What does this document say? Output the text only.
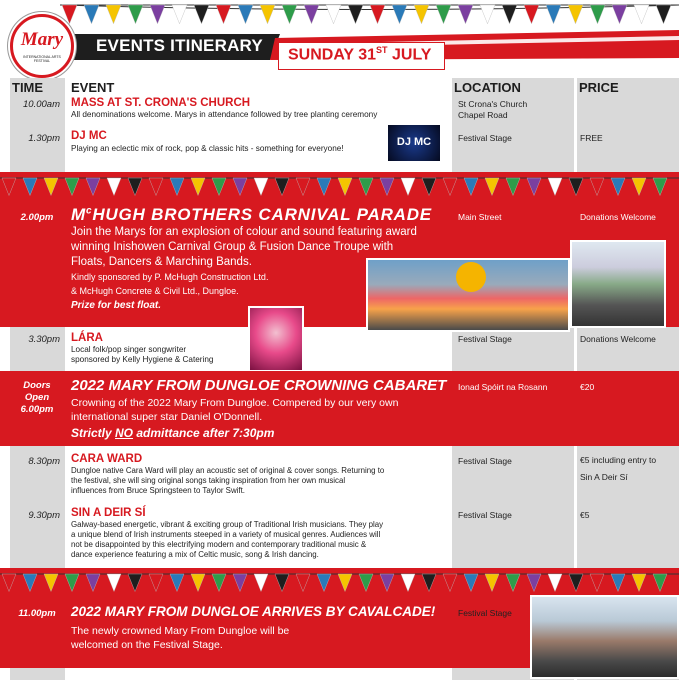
EVENTS ITINERARY SUNDAY 31ST JULY
Mary
INTERNATIONAL ARTS FESTIVAL
TIME EVENT	LOCATION	PRICE
10.00am MASS AT ST. CRONA'S CHURCH
All denominations welcome. Marys in attendance followed by tree planting ceremony
St Crona's Church
Chapel Road
1.30pm DJ MC
Playing an eclectic mix of rock, pop & classic hits - something for everyone!
Festival Stage	FREE
DJ MC
2.00pm	$M^cHUGH$ BROTHERS CARNIVAL PARADE
Join the Marys for an explosion of colour and sound featuring award
winning Inishowen Carnival Group & Fusion Dance Troupe with
Floats, Dancers & Marching Bands.
Kindly sponsored by P. McHugh Construction Ltd.
& McHugh Concrete & Civil Ltd., Dungloe.
Prize for best float.
Main Street	Donations Welcome
3.30pm LÁRA
Local folk/pop singer songwriter
sponsored by Kelly Hygiene & Catering
Festival Stage	Donations Welcome
Doors
Open
6.00pm
2022 MARY FROM DUNGLOE CROWNING CABARET
Crowning of the 2022 Mary From Dungloe. Compered by our very own
international super star Daniel O'Donnell.
Strictly NO admittance after 7:30pm
Ionad Spóirt na Rosann	€20
8.30pm CARA WARD
Dungloe native Cara Ward will play an acoustic set of original & cover songs. Returning to
the festival, she will sing original songs taking inspiration from her own musical
influences from Bruce Springsteen to Taylor Swift.
Festival Stage	€5 including entry to
Sin A Deir Sí
9.30pm SIN A DEIR SÍ
Galway-based energetic, vibrant & exciting group of Traditional Irish musicians. They play
a unique blend of Irish instruments steeped in a variety of musical genres. Audiences will
not be disappointed by this electrifying modern and contemporary traditional music &
dance experience featuring a mix of Celtic music, song & Irish dancing.
Festival Stage	€5
11.00pm	2022 MARY FROM DUNGLOE ARRIVES BY CAVALCADE!
The newly crowned Mary From Dungloe will be
welcomed on the Festival Stage.
Festival Stage
